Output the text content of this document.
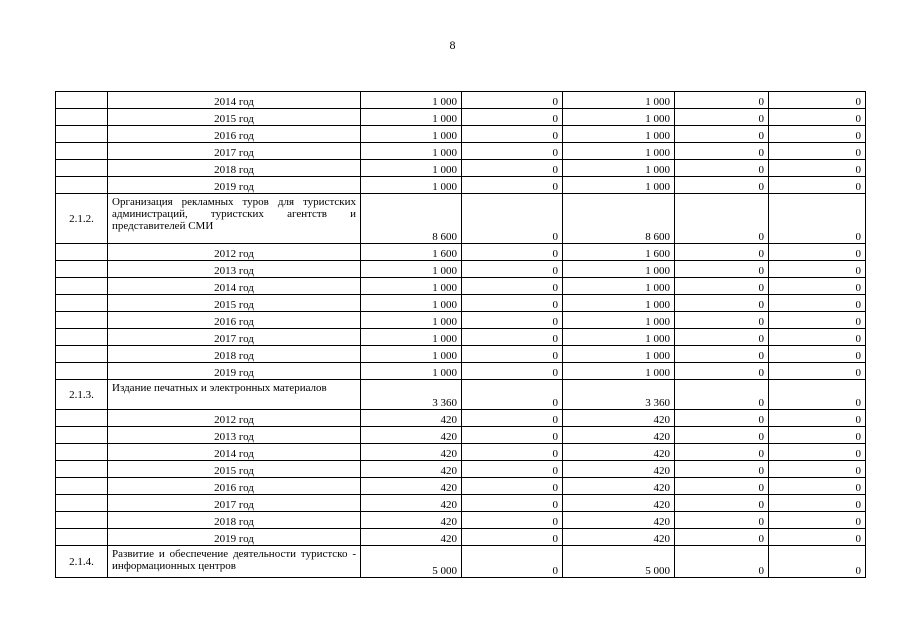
8
	2014 год	1 000	0	1 000	0	0
	2015 год	1 000	0	1 000	0	0
	2016 год	1 000	0	1 000	0	0
	2017 год	1 000	0	1 000	0	0
	2018 год	1 000	0	1 000	0	0
	2019 год	1 000	0	1 000	0	0
2.1.2.	Организация рекламных туров для туристских администраций, туристских агентств и представителей СМИ	8 600	0	8 600	0	0
	2012 год	1 600	0	1 600	0	0
	2013 год	1 000	0	1 000	0	0
	2014 год	1 000	0	1 000	0	0
	2015 год	1 000	0	1 000	0	0
	2016 год	1 000	0	1 000	0	0
	2017 год	1 000	0	1 000	0	0
	2018 год	1 000	0	1 000	0	0
	2019 год	1 000	0	1 000	0	0
2.1.3.	Издание печатных и электронных материалов	3 360	0	3 360	0	0
	2012 год	420	0	420	0	0
	2013 год	420	0	420	0	0
	2014 год	420	0	420	0	0
	2015 год	420	0	420	0	0
	2016 год	420	0	420	0	0
	2017 год	420	0	420	0	0
	2018 год	420	0	420	0	0
	2019 год	420	0	420	0	0
2.1.4.	Развитие и обеспечение деятельности туристско - информационных центров	5 000	0	5 000	0	0
